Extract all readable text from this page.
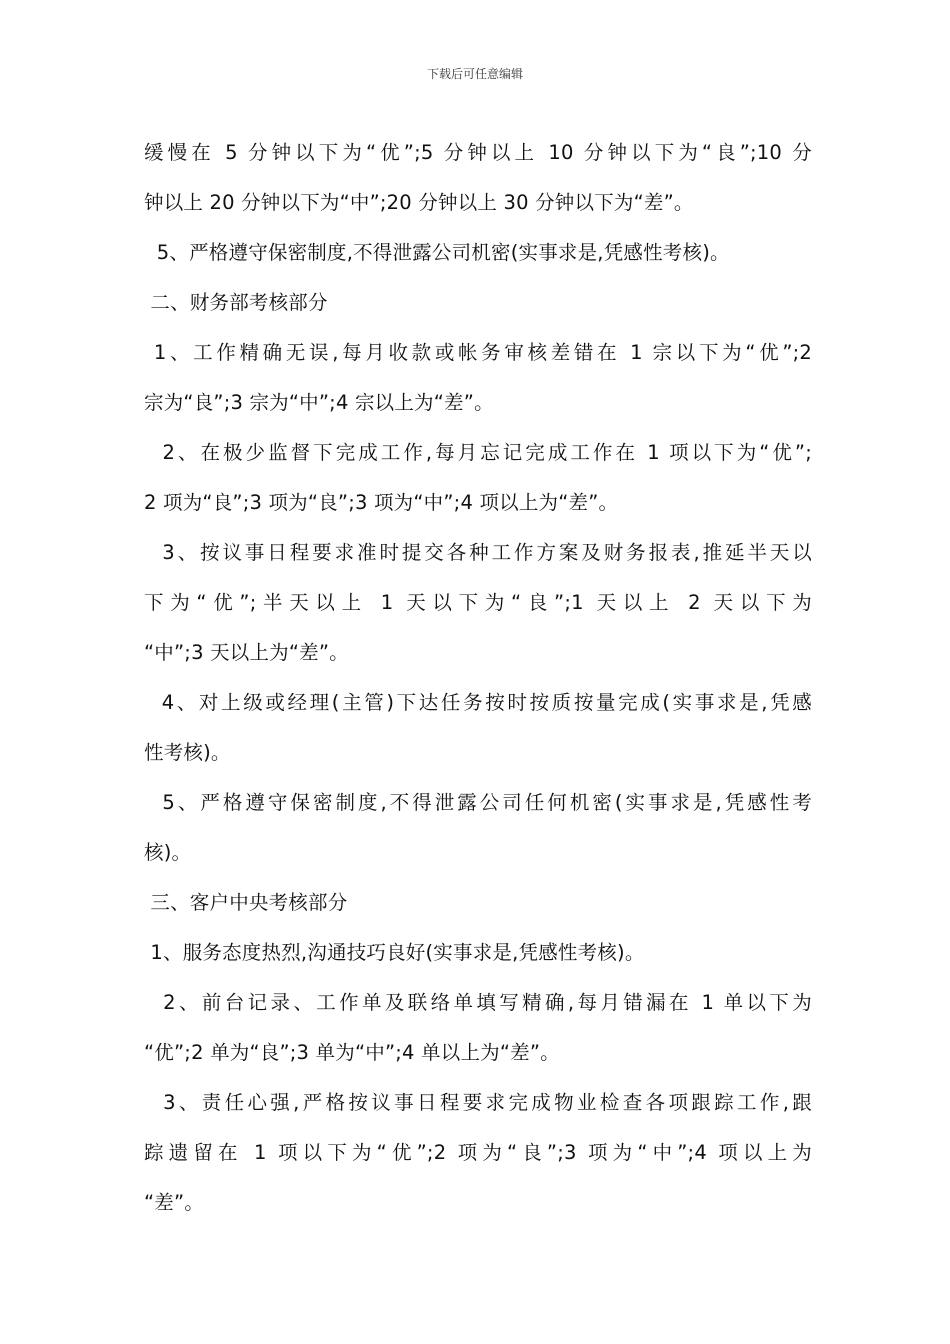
下载后可任意编辑

缓慢在 5 分钟以下为“优”;5 分钟以上 10 分钟以下为“良”;10 分

钟以上 20 分钟以下为“中”;20 分钟以上 30 分钟以下为“差”。

5、严格遵守保密制度,不得泄露公司机密(实事求是,凭感性考核)。

二、财务部考核部分

1、工作精确无误,每月收款或帐务审核差错在 1 宗以下为“优”;2

宗为“良”;3 宗为“中”;4 宗以上为“差”。

2、在极少监督下完成工作,每月忘记完成工作在 1 项以下为“优”;

2 项为“良”;3 项为“良”;3 项为“中”;4 项以上为“差”。

3、按议事日程要求准时提交各种工作方案及财务报表,推延半天以

下为“优”;半天以上 1 天以下为“良”;1 天以上 2 天以下为

“中”;3 天以上为“差”。

4、对上级或经理(主管)下达任务按时按质按量完成(实事求是,凭感

性考核)。

5、严格遵守保密制度,不得泄露公司任何机密(实事求是,凭感性考

核)。

三、客户中央考核部分

1、服务态度热烈,沟通技巧良好(实事求是,凭感性考核)。

2、前台记录、工作单及联络单填写精确,每月错漏在 1 单以下为

“优”;2 单为“良”;3 单为“中”;4 单以上为“差”。

3、责任心强,严格按议事日程要求完成物业检查各项跟踪工作,跟

踪遗留在 1 项以下为“优”;2 项为“良”;3 项为“中”;4 项以上为

“差”。
